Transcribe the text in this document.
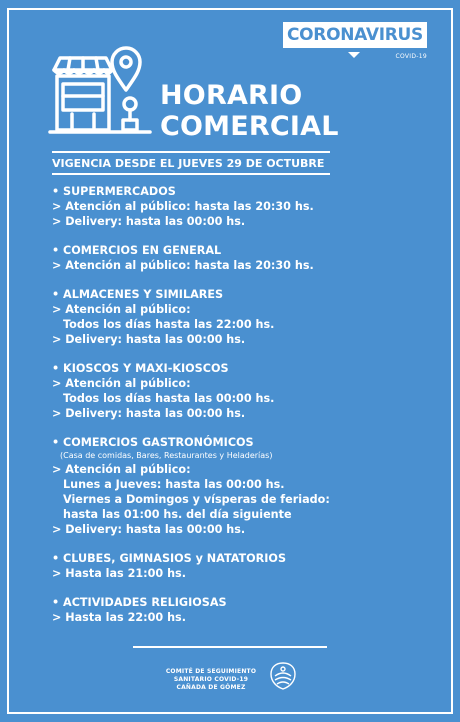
CORONAVIRUS
COVID-19
HORARIO
COMERCIAL
VIGENCIA DESDE EL JUEVES 29 DE OCTUBRE
• SUPERMERCADOS
> Atención al público: hasta las 20:30 hs.
> Delivery: hasta las 00:00 hs.
• COMERCIOS EN GENERAL
> Atención al público: hasta las 20:30 hs.
• ALMACENES Y SIMILARES
> Atención al público:
Todos los días hasta las 22:00 hs.
> Delivery: hasta las 00:00 hs.
• KIOSCOS Y MAXI-KIOSCOS
> Atención al público:
Todos los días hasta las 00:00 hs.
> Delivery: hasta las 00:00 hs.
• COMERCIOS GASTRONÓMICOS
(Casa de comidas, Bares, Restaurantes y Heladerías)
> Atención al público:
Lunes a Jueves: hasta las 00:00 hs.
Viernes a Domingos y vísperas de feriado:
hasta las 01:00 hs. del día siguiente
> Delivery: hasta las 00:00 hs.
• CLUBES, GIMNASIOS y NATATORIOS
> Hasta las 21:00 hs.
• ACTIVIDADES RELIGIOSAS
> Hasta las 22:00 hs.
COMITÉ DE SEGUIMIENTO
SANITARIO COVID-19
CAÑADA DE GÓMEZ
